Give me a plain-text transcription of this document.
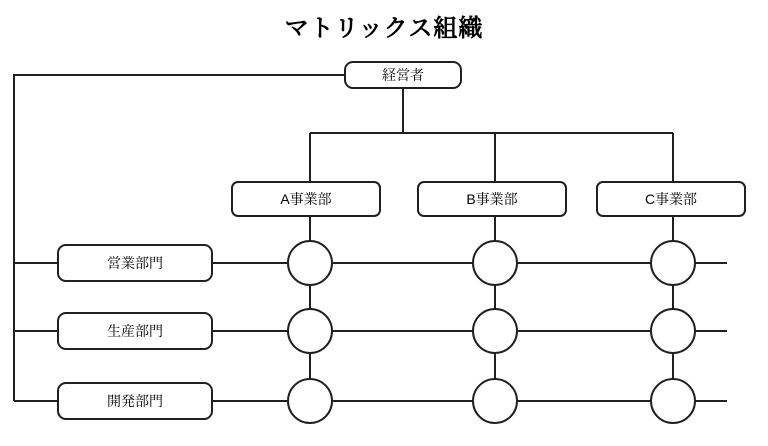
マトリックス組織
経営者
A事業部	B事業部	C事業部
営業部門
生産部門
開発部門
